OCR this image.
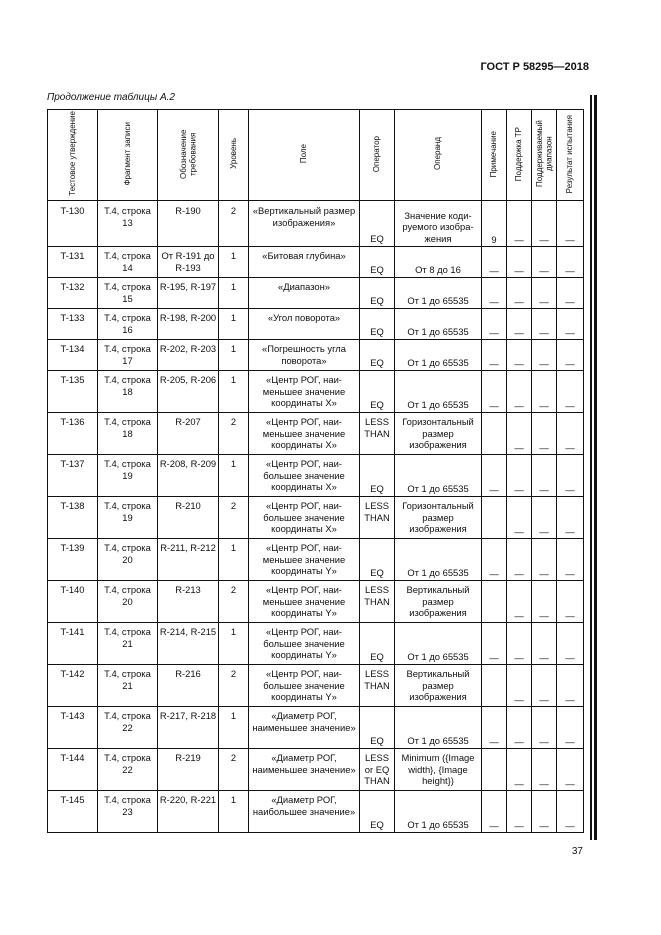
ГОСТ Р 58295—2018
Продолжение таблицы А.2
Тестовое утверждение	Фрагмент записи	Обозначение требования	Уровень	Поле	Оператор	Операнд	Примечание	Поддержка ТР	Поддерживаемый диапазон	Результат испытания
T-130	Т.4, строка 13	R-190	2	«Вертикальный размер изображения»	EQ	Значение коди- руемого изобра- жения	9	—	—	—
T-131	Т.4, строка 14	От R-191 до R-193	1	«Битовая глубина»	EQ	От 8 до 16	—	—	—	—
T-132	Т.4, строка 15	R-195, R-197	1	«Диапазон»	EQ	От 1 до 65535	—	—	—	—
T-133	Т.4, строка 16	R-198, R-200	1	«Угол поворота»	EQ	От 1 до 65535	—	—	—	—
T-134	Т.4, строка 17	R-202, R-203	1	«Погрешность угла поворота»	EQ	От 1 до 65535	—	—	—	—
T-135	Т.4, строка 18	R-205, R-206	1	«Центр РОГ, наи- меньшее значение координаты X»	EQ	От 1 до 65535	—	—	—	—
T-136	Т.4, строка 18	R-207	2	«Центр РОГ, наи- меньшее значение координаты X»	LESS THAN	Горизонтальный размер изображения		—	—	—
T-137	Т.4, строка 19	R-208, R-209	1	«Центр РОГ, наи- большее значение координаты X»	EQ	От 1 до 65535	—	—	—	—
T-138	Т.4, строка 19	R-210	2	«Центр РОГ, наи- большее значение координаты X»	LESS THAN	Горизонтальный размер изображения		—	—	—
T-139	Т.4, строка 20	R-211, R-212	1	«Центр РОГ, наи- меньшее значение координаты Y»	EQ	От 1 до 65535	—	—	—	—
T-140	Т.4, строка 20	R-213	2	«Центр РОГ, наи- меньшее значение координаты Y»	LESS THAN	Вертикальный размер изображения		—	—	—
T-141	Т.4, строка 21	R-214, R-215	1	«Центр РОГ, наи- большее значение координаты Y»	EQ	От 1 до 65535	—	—	—	—
T-142	Т.4, строка 21	R-216	2	«Центр РОГ, наи- большее значение координаты Y»	LESS THAN	Вертикальный размер изображения		—	—	—
T-143	Т.4, строка 22	R-217, R-218	1	«Диаметр РОГ, наименьшее значение»	EQ	От 1 до 65535	—	—	—	—
T-144	Т.4, строка 22	R-219	2	«Диаметр РОГ, наименьшее значение»	LESS or EQ THAN	Minimum ({Image width}, {Image height})		—	—	—
T-145	Т.4, строка 23	R-220, R-221	1	«Диаметр РОГ, наибольшее значение»	EQ	От 1 до 65535	—	—	—	—
37
